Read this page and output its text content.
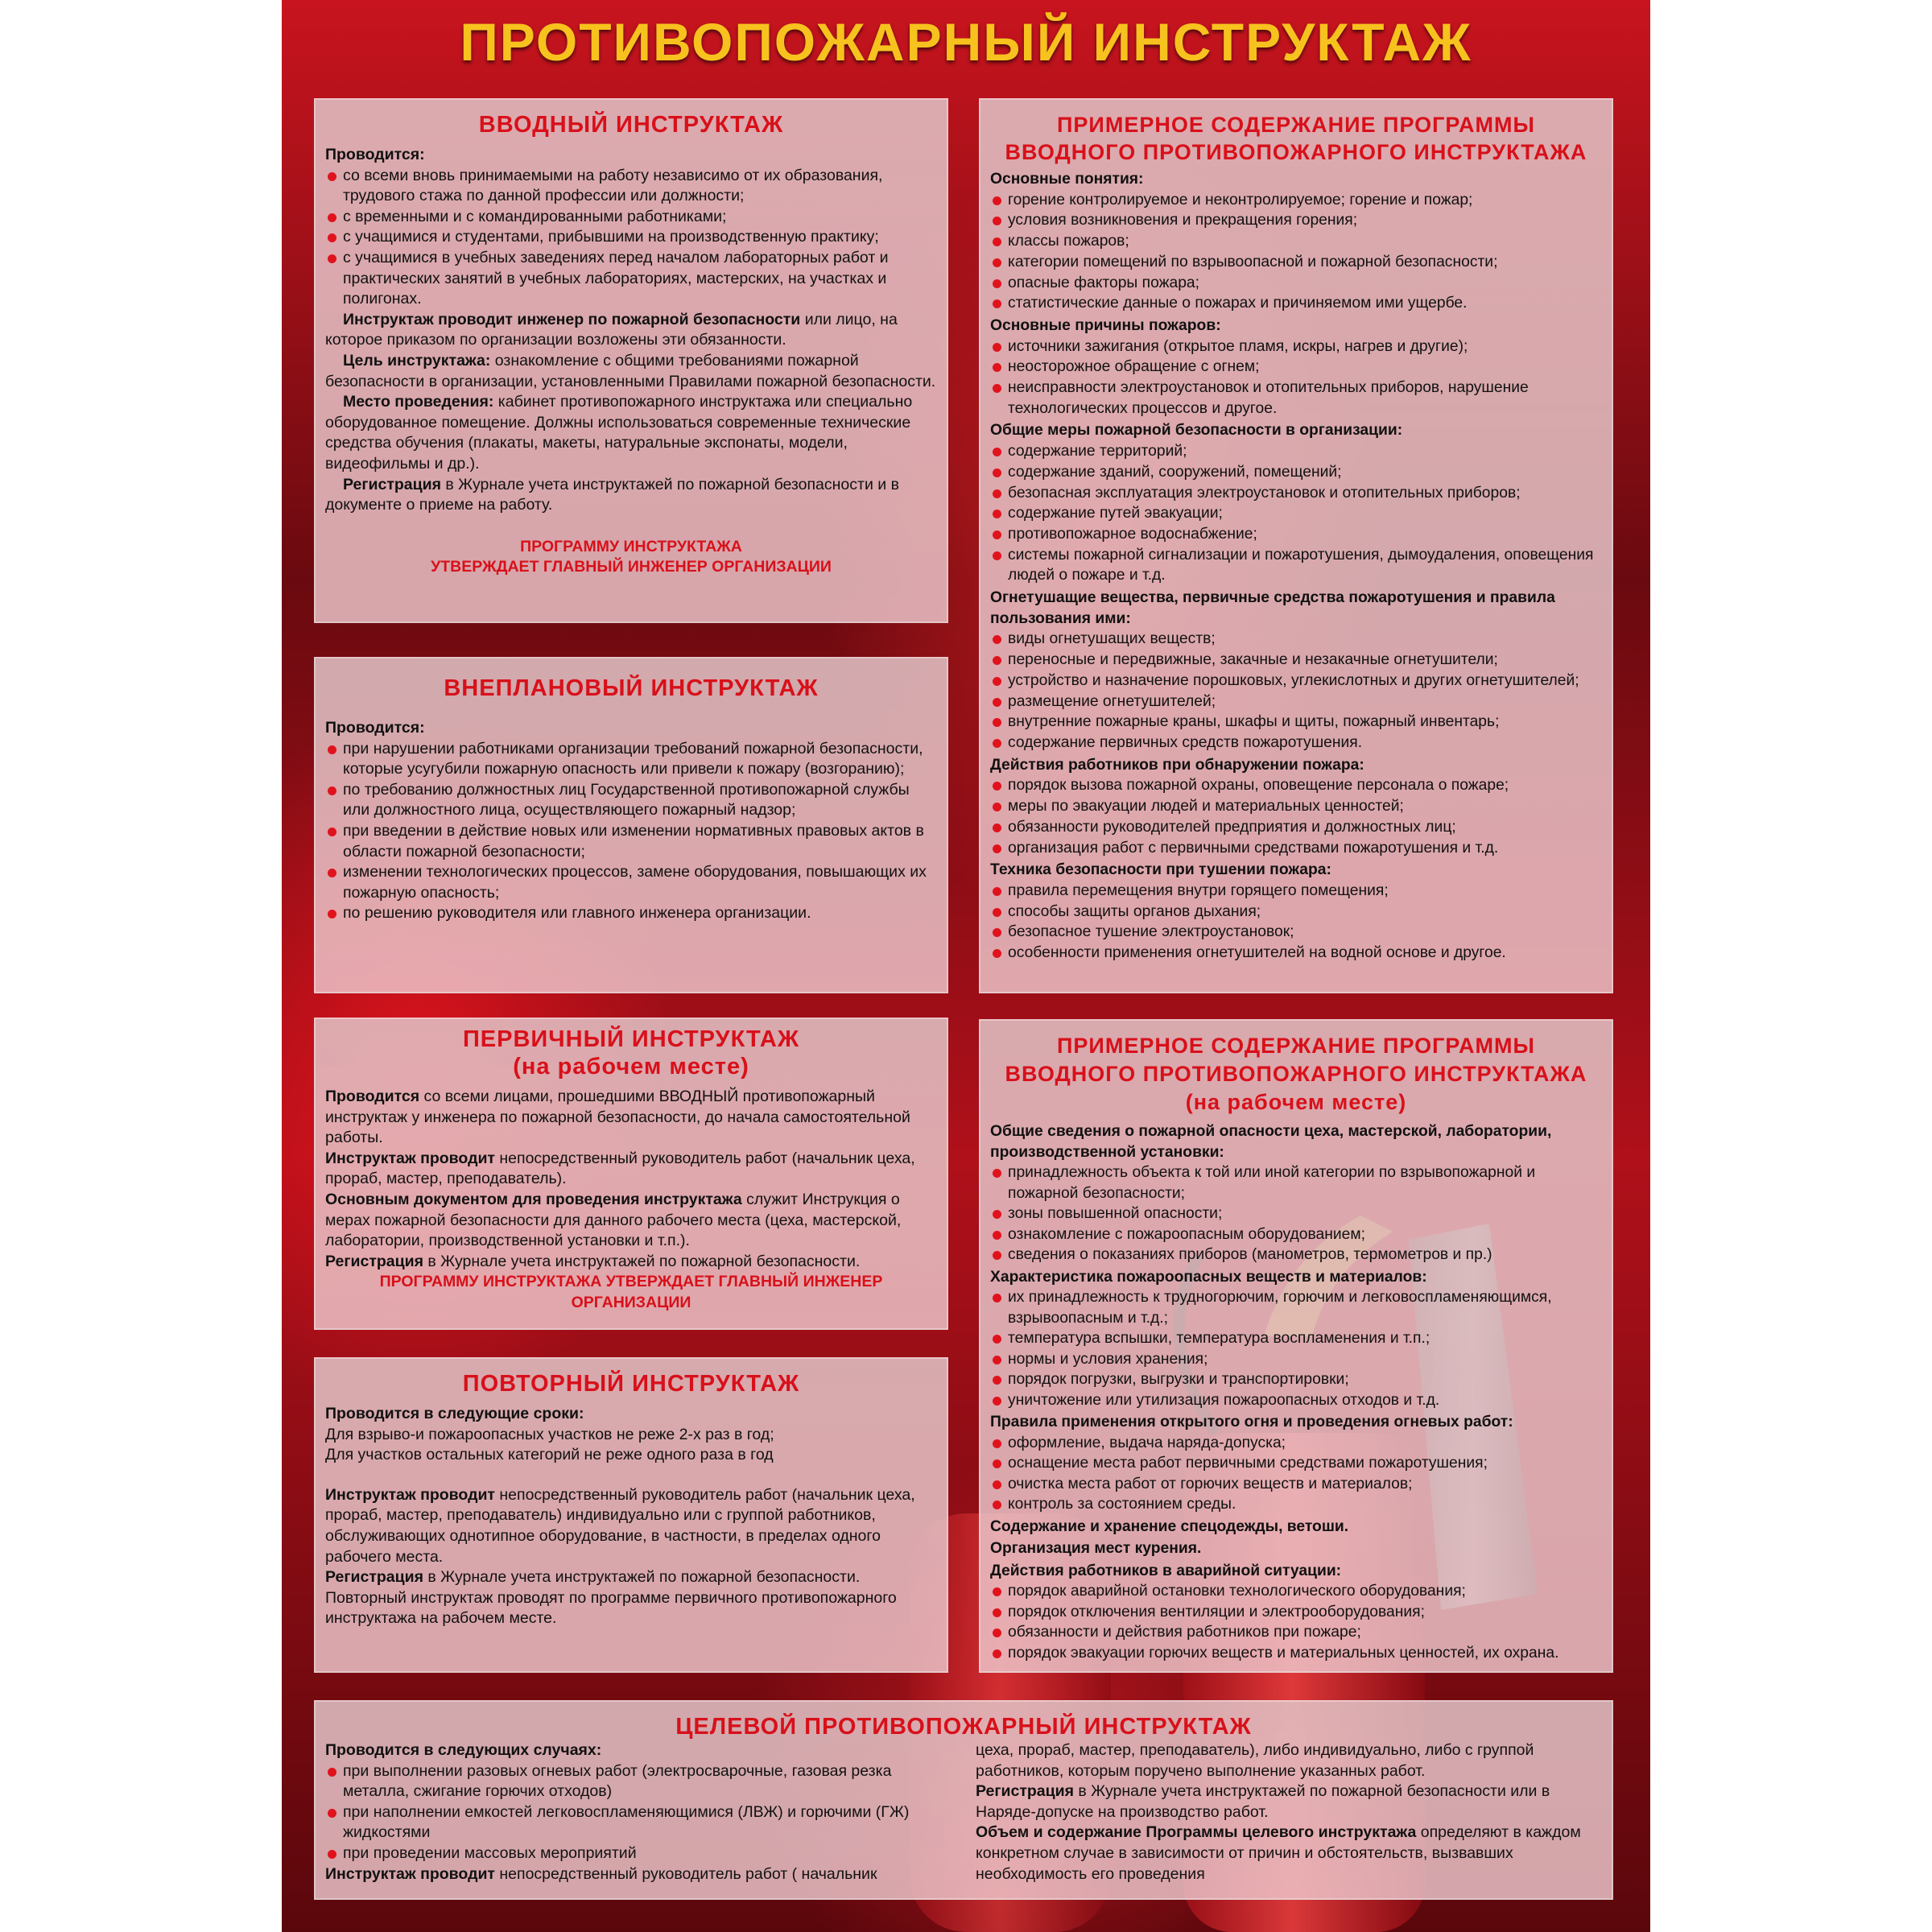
ПРОТИВОПОЖАРНЫЙ ИНСТРУКТАЖ
ВВОДНЫЙ ИНСТРУКТАЖ
Проводится:
со всеми вновь принимаемыми на работу независимо от их образования, трудового стажа по данной профессии или должности;
с временными и с командированными работниками;
с учащимися и студентами, прибывшими на производственную практику;
с учащимися в учебных заведениях перед началом лабораторных работ и практических занятий в учебных лабораториях, мастерских, на участках и полигонах.

Инструктаж проводит инженер по пожарной безопасности или лицо, на которое приказом по организации возложены эти обязанности.

Цель инструктажа: ознакомление с общими требованиями пожарной безопасности в организации, установленными Правилами пожарной безопасности.

Место проведения: кабинет противопожарного инструктажа или специально оборудованное помещение. Должны использоваться современные технические средства обучения (плакаты, макеты, натуральные экспонаты, модели, видеофильмы и др.).

Регистрация в Журнале учета инструктажей по пожарной безопасности и в документе о приеме на работу.

ПРОГРАММУ ИНСТРУКТАЖА
УТВЕРЖДАЕТ ГЛАВНЫЙ ИНЖЕНЕР ОРГАНИЗАЦИИ
ВНЕПЛАНОВЫЙ ИНСТРУКТАЖ
Проводится:
при нарушении работниками организации требований пожарной безопасности, которые усугубили пожарную опасность или привели к пожару (возгоранию);
по требованию должностных лиц Государственной противопожарной службы или должностного лица, осуществляющего пожарный надзор;
при введении в действие новых или изменении нормативных правовых актов в области пожарной безопасности;
изменении технологических процессов, замене оборудования, повышающих их пожарную опасность;
по решению руководителя или главного инженера организации.
ПЕРВИЧНЫЙ ИНСТРУКТАЖ
(на рабочем месте)

Проводится со всеми лицами, прошедшими ВВОДНЫЙ противопожарный инструктаж у инженера по пожарной безопасности, до начала самостоятельной работы.

Инструктаж проводит непосредственный руководитель работ (начальник цеха, прораб, мастер, преподаватель).

Основным документом для проведения инструктажа служит Инструкция о мерах пожарной безопасности для данного рабочего места (цеха, мастерской, лаборатории, производственной установки и т.п.).

Регистрация в Журнале учета инструктажей по пожарной безопасности.

ПРОГРАММУ ИНСТРУКТАЖА УТВЕРЖДАЕТ ГЛАВНЫЙ ИНЖЕНЕР ОРГАНИЗАЦИИ
ПОВТОРНЫЙ ИНСТРУКТАЖ
Проводится в следующие сроки:
Для взрыво-и пожароопасных участков не реже 2-х раз в год;
Для участков остальных категорий не реже одного раза в год

Инструктаж проводит непосредственный руководитель работ (начальник цеха, прораб, мастер, преподаватель) индивидуально или с группой работников, обслуживающих однотипное оборудование, в частности, в пределах одного рабочего места.

Регистрация в Журнале учета инструктажей по пожарной безопасности.

Повторный инструктаж проводят по программе первичного противопожарного инструктажа на рабочем месте.

ПРИМЕРНОЕ СОДЕРЖАНИЕ ПРОГРАММЫ
ВВОДНОГО ПРОТИВОПОЖАРНОГО ИНСТРУКТАЖА
Основные понятия:
горение контролируемое и неконтролируемое; горение и пожар;
условия возникновения и прекращения горения;
классы пожаров;
категории помещений по взрывоопасной и пожарной безопасности;
опасные факторы пожара;
статистические данные о пожарах и причиняемом ими ущербе.
Основные причины пожаров:
источники зажигания (открытое пламя, искры, нагрев и другие);
неосторожное обращение с огнем;
неисправности электроустановок и отопительных приборов, нарушение технологических процессов и другое.
Общие меры пожарной безопасности в организации:
содержание территорий;
содержание зданий, сооружений, помещений;
безопасная эксплуатация электроустановок и отопительных приборов;
содержание путей эвакуации;
противопожарное водоснабжение;
системы пожарной сигнализации и пожаротушения, дымоудаления, оповещения людей о пожаре и т.д.
Огнетушащие вещества, первичные средства пожаротушения и правила пользования ими:
виды огнетушащих веществ;
переносные и передвижные, закачные и незакачные огнетушители;
устройство и назначение порошковых, углекислотных и других огнетушителей;
размещение огнетушителей;
внутренние пожарные краны, шкафы и щиты, пожарный инвентарь;
содержание первичных средств пожаротушения.
Действия работников при обнаружении пожара:
порядок вызова пожарной охраны, оповещение персонала о пожаре;
меры по эвакуации людей и материальных ценностей;
обязанности руководителей предприятия и должностных лиц;
организация работ с первичными средствами пожаротушения и т.д.
Техника безопасности при тушении пожара:
правила перемещения внутри горящего помещения;
способы защиты органов дыхания;
безопасное тушение электроустановок;
особенности применения огнетушителей на водной основе и другое.
ПРИМЕРНОЕ СОДЕРЖАНИЕ ПРОГРАММЫ
ВВОДНОГО ПРОТИВОПОЖАРНОГО ИНСТРУКТАЖА
(на рабочем месте)
Общие сведения о пожарной опасности цеха, мастерской, лаборатории, производственной установки:
принадлежность объекта к той или иной категории по взрывопожарной и пожарной безопасности;
зоны повышенной опасности;
ознакомление с пожароопасным оборудованием;
сведения о показаниях приборов (манометров, термометров и пр.)
Характеристика пожароопасных веществ и материалов:
их принадлежность к трудногорючим, горючим и легковоспламеняющимся, взрывоопасным и т.д.;
температура вспышки, температура воспламенения и т.п.;
нормы и условия хранения;
порядок погрузки, выгрузки и транспортировки;
уничтожение или утилизация пожароопасных отходов и т.д.
Правила применения открытого огня и проведения огневых работ:
оформление, выдача наряда-допуска;
оснащение места работ первичными средствами пожаротушения;
очистка места работ от горючих веществ и материалов;
контроль за состоянием среды.
Содержание и хранение спецодежды, ветоши.
Организация мест курения.
Действия работников в аварийной ситуации:
порядок аварийной остановки технологического оборудования;
порядок отключения вентиляции и электрооборудования;
обязанности и действия работников при пожаре;
порядок эвакуации горючих веществ и материальных ценностей, их охрана.
ЦЕЛЕВОЙ ПРОТИВОПОЖАРНЫЙ ИНСТРУКТАЖ
Проводится в следующих случаях:
при выполнении разовых огневых работ (электросварочные, газовая резка металла, сжигание горючих отходов)
при наполнении емкостей легковоспламеняющимися (ЛВЖ) и горючими (ГЖ) жидкостями
при проведении массовых мероприятий

Инструктаж проводит непосредственный руководитель работ ( начальник

цеха, прораб, мастер, преподаватель), либо индивидуально, либо с группой работников, которым поручено выполнение указанных работ.

Регистрация в Журнале учета инструктажей по пожарной безопасности или в Наряде-допуске на производство работ.

Объем и содержание Программы целевого инструктажа определяют в каждом конкретном случае в зависимости от причин и обстоятельств, вызвавших необходимость его проведения
